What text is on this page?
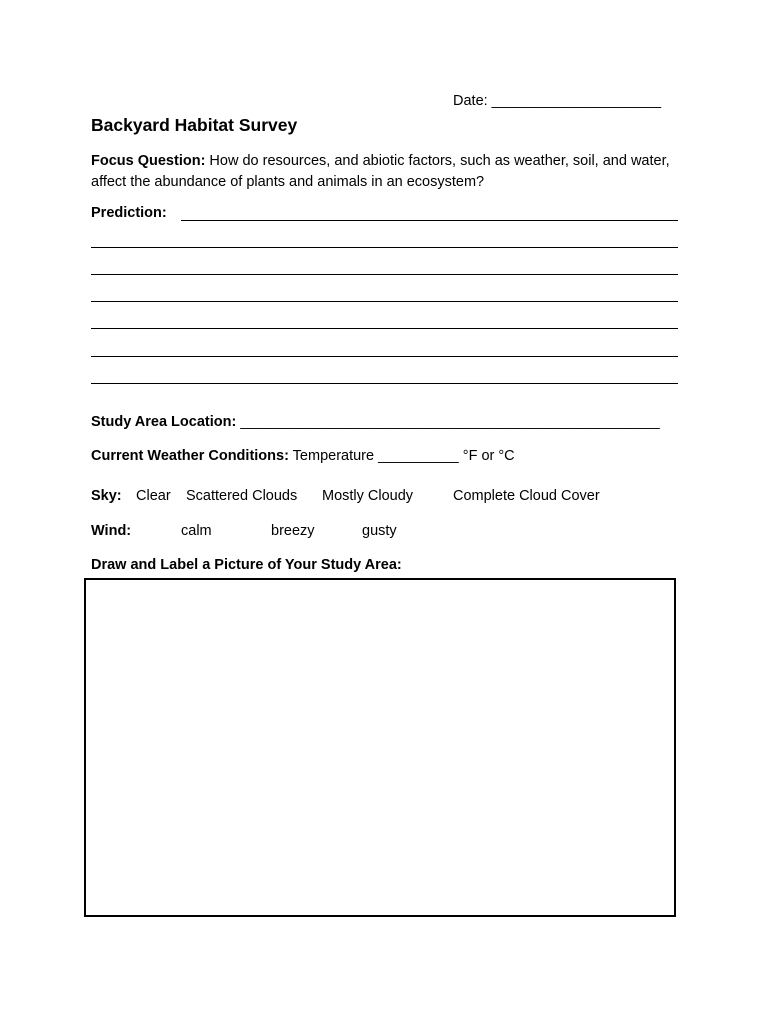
Date: _____________________
Backyard Habitat Survey
Focus Question: How do resources, and abiotic factors, such as weather, soil, and water, affect the abundance of plants and animals in an ecosystem?
Prediction:
Study Area Location: ____________________________________________________
Current Weather Conditions: Temperature __________ °F or °C
Sky: Clear Scattered Clouds Mostly Cloudy	Complete Cloud Cover
Wind:	calm	breezy	gusty
Draw and Label a Picture of Your Study Area:
